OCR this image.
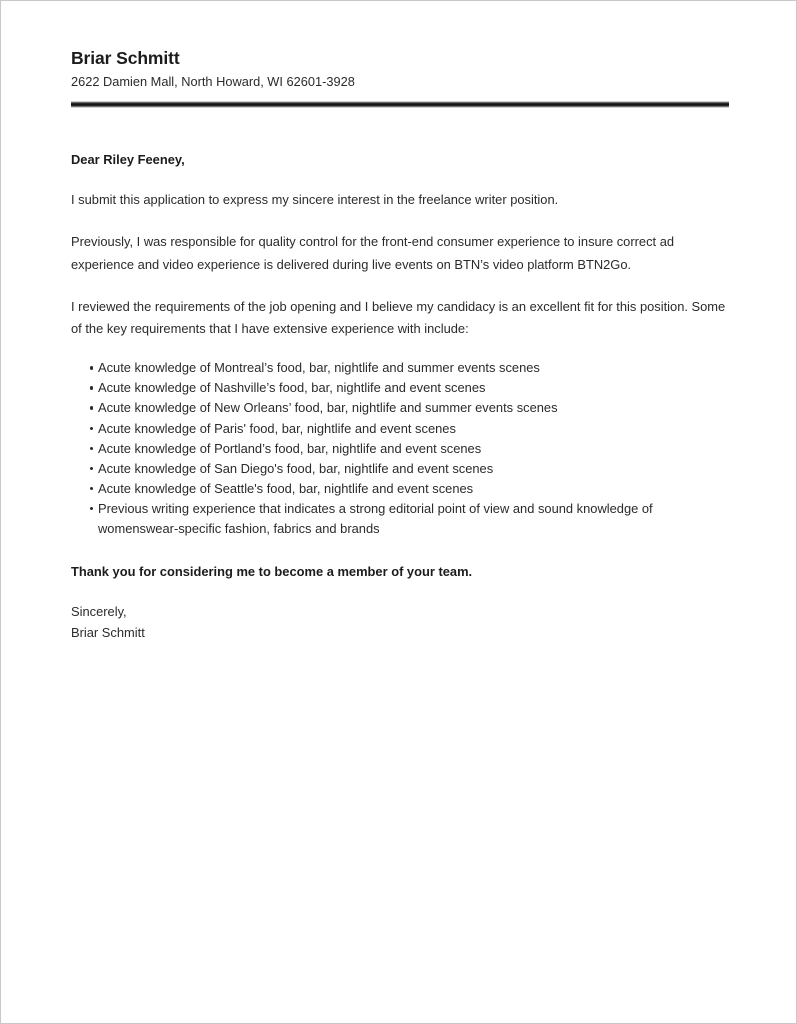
Briar Schmitt
2622 Damien Mall, North Howard, WI 62601-3928
Dear Riley Feeney,

I submit this application to express my sincere interest in the freelance writer position.

Previously, I was responsible for quality control for the front-end consumer experience to insure correct ad experience and video experience is delivered during live events on BTN’s video platform BTN2Go.

I reviewed the requirements of the job opening and I believe my candidacy is an excellent fit for this position. Some of the key requirements that I have extensive experience with include:

Acute knowledge of Montreal’s food, bar, nightlife and summer events scenes
Acute knowledge of Nashville’s food, bar, nightlife and event scenes
Acute knowledge of New Orleans’ food, bar, nightlife and summer events scenes
Acute knowledge of Paris' food, bar, nightlife and event scenes
Acute knowledge of Portland’s food, bar, nightlife and event scenes
Acute knowledge of San Diego's food, bar, nightlife and event scenes
Acute knowledge of Seattle's food, bar, nightlife and event scenes
Previous writing experience that indicates a strong editorial point of view and sound knowledge of womenswear-specific fashion, fabrics and brands

Thank you for considering me to become a member of your team.

Sincerely,

Briar Schmitt
